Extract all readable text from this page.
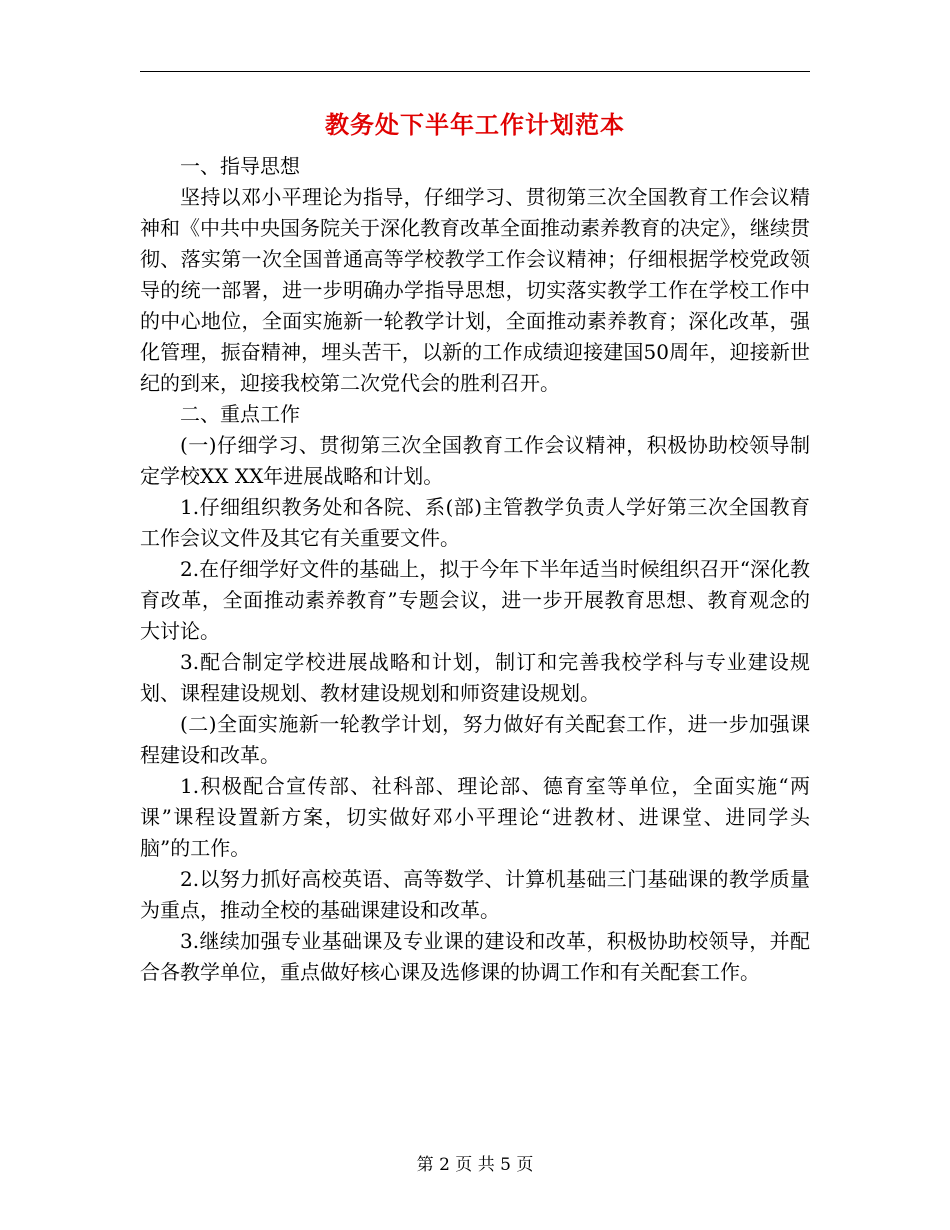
教务处下半年工作计划范本

一、指导思想

坚持以邓小平理论为指导，仔细学习、贯彻第三次全国教育工作会议精神和《中共中央国务院关于深化教育改革全面推动素养教育的决定》，继续贯彻、落实第一次全国普通高等学校教学工作会议精神；仔细根据学校党政领导的统一部署，进一步明确办学指导思想，切实落实教学工作在学校工作中的中心地位，全面实施新一轮教学计划，全面推动素养教育；深化改革，强化管理，振奋精神，埋头苦干，以新的工作成绩迎接建国50周年，迎接新世纪的到来，迎接我校第二次党代会的胜利召开。

二、重点工作

(一)仔细学习、贯彻第三次全国教育工作会议精神，积极协助校领导制定学校XX XX年进展战略和计划。

1.仔细组织教务处和各院、系(部)主管教学负责人学好第三次全国教育工作会议文件及其它有关重要文件。

2.在仔细学好文件的基础上，拟于今年下半年适当时候组织召开“深化教育改革，全面推动素养教育”专题会议，进一步开展教育思想、教育观念的大讨论。

3.配合制定学校进展战略和计划，制订和完善我校学科与专业建设规划、课程建设规划、教材建设规划和师资建设规划。

(二)全面实施新一轮教学计划，努力做好有关配套工作，进一步加强课程建设和改革。

1.积极配合宣传部、社科部、理论部、德育室等单位，全面实施“两课”课程设置新方案，切实做好邓小平理论“进教材、进课堂、进同学头脑”的工作。

2.以努力抓好高校英语、高等数学、计算机基础三门基础课的教学质量为重点，推动全校的基础课建设和改革。

3.继续加强专业基础课及专业课的建设和改革，积极协助校领导，并配合各教学单位，重点做好核心课及选修课的协调工作和有关配套工作。

第 2 页 共 5 页
